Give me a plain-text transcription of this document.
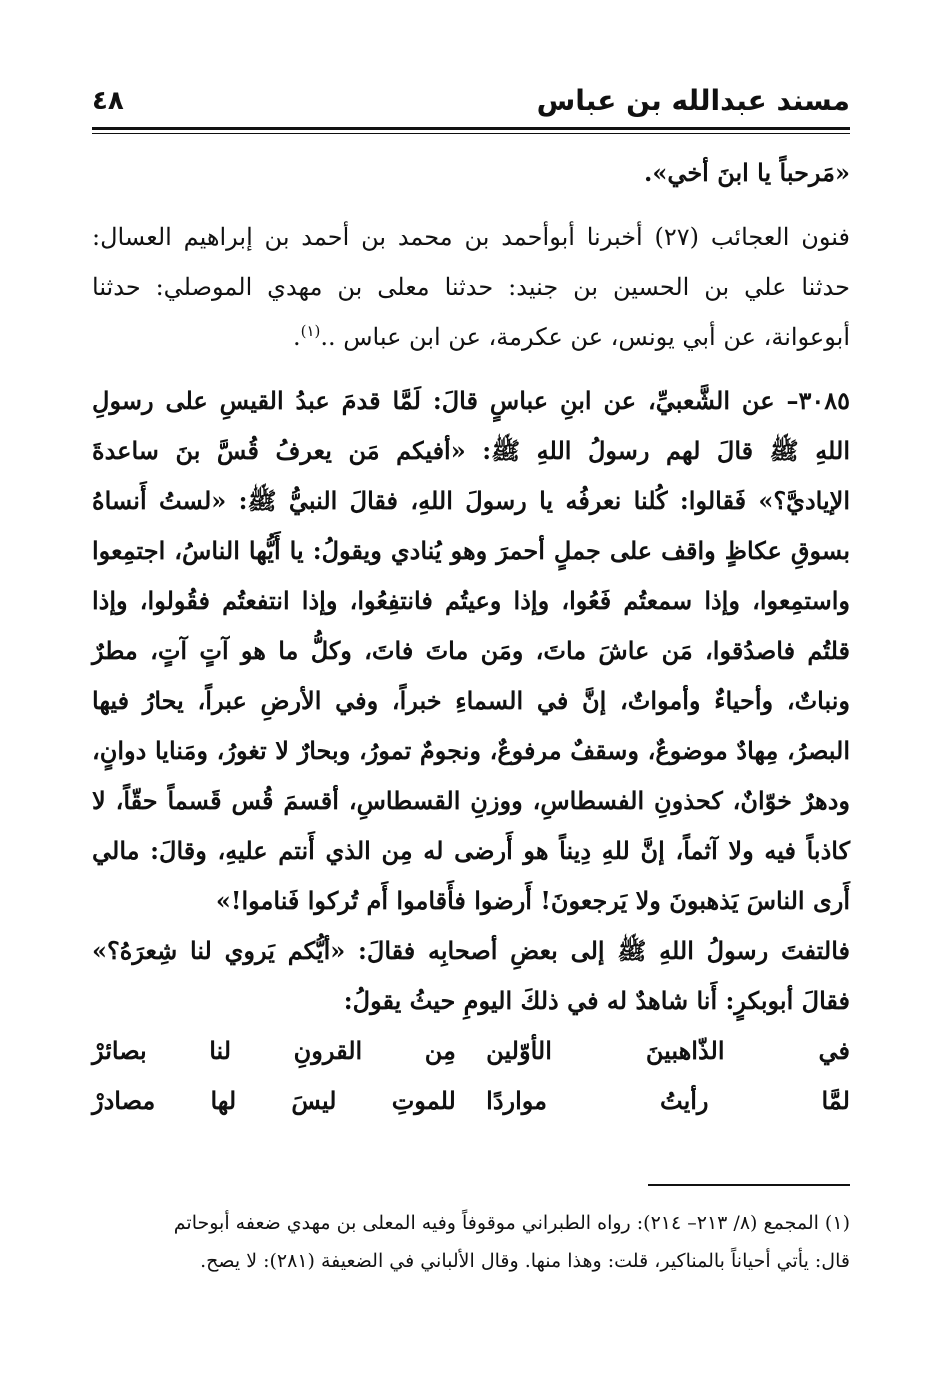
مسند عبدالله بن عباس
٤٨

«مَرحباً يا ابنَ أخي».

فنون العجائب (٢٧) أخبرنا أبوأحمد بن محمد بن أحمد بن إبراهيم العسال: حدثنا علي بن الحسين بن جنيد: حدثنا معلى بن مهدي الموصلي: حدثنا أبوعوانة، عن أبي يونس، عن عكرمة، عن ابن عباس ..$^{(١)}$.

٣٠٨٥– عن الشَّعبيِّ، عن ابنِ عباسٍ قالَ: لَمَّا قدمَ عبدُ القيسِ على رسولِ اللهِ ﷺ قالَ لهم رسولُ اللهِ ﷺ: «أفيكم مَن يعرفُ قُسَّ بنَ ساعدةَ الإياديَّ؟» فَقالوا: كُلنا نعرفُه يا رسولَ اللهِ، فقالَ النبيُّ ﷺ: «لستُ أَنساهُ بسوقِ عكاظٍ واقف على جملٍ أحمرَ وهو يُنادي ويقولُ: يا أَيُّها الناسُ، اجتمِعوا واستمِعوا، وإذا سمعتُم فَعُوا، وإذا وعيتُم فانتفِعُوا، وإذا انتفعتُم فقُولوا، وإذا قلتُم فاصدُقوا، مَن عاشَ ماتَ، ومَن ماتَ فاتَ، وكلُّ ما هو آتٍ آتٍ، مطرٌ ونباتٌ، وأحياءٌ وأمواتٌ، إنَّ في السماءِ خبراً، وفي الأرضِ عبراً، يحارُ فيها البصرُ، مِهادٌ موضوعٌ، وسقفٌ مرفوعٌ، ونجومٌ تمورُ، وبحارٌ لا تغورُ، ومَنايا دوانٍ، ودهرٌ خوّانٌ، كحذونِ الفسطاسِ، ووزنِ القسطاسِ، أقسمَ قُس قَسماً حقّاً، لا كاذباً فيه ولا آثماً، إنَّ للهِ دِيناً هو أَرضى له مِن الذي أَنتم عليهِ، وقالَ: مالي أَرى الناسَ يَذهبونَ ولا يَرجعونَ! أَرضوا فأَقاموا أَم تُركوا فَناموا!»

فالتفتَ رسولُ اللهِ ﷺ إلى بعضِ أصحابِه فقالَ: «أيُّكم يَروي لنا شِعرَهُ؟» فقالَ أبوبكرٍ: أَنا شاهدٌ له في ذلكَ اليومِ حيثُ يقولُ:

في الذّاهبينَ الأوّلين
مِن القرونِ لنا بصائرْ
لمَّا رأيتُ مواردًا
للموتِ ليسَ لها مصادرْ

(١) المجمع (٨/ ٢١٣– ٢١٤): رواه الطبراني موقوفاً وفيه المعلى بن مهدي ضعفه أبوحاتم

قال: يأتي أحياناً بالمناكير، قلت: وهذا منها. وقال الألباني في الضعيفة (٢٨١): لا يصح.
